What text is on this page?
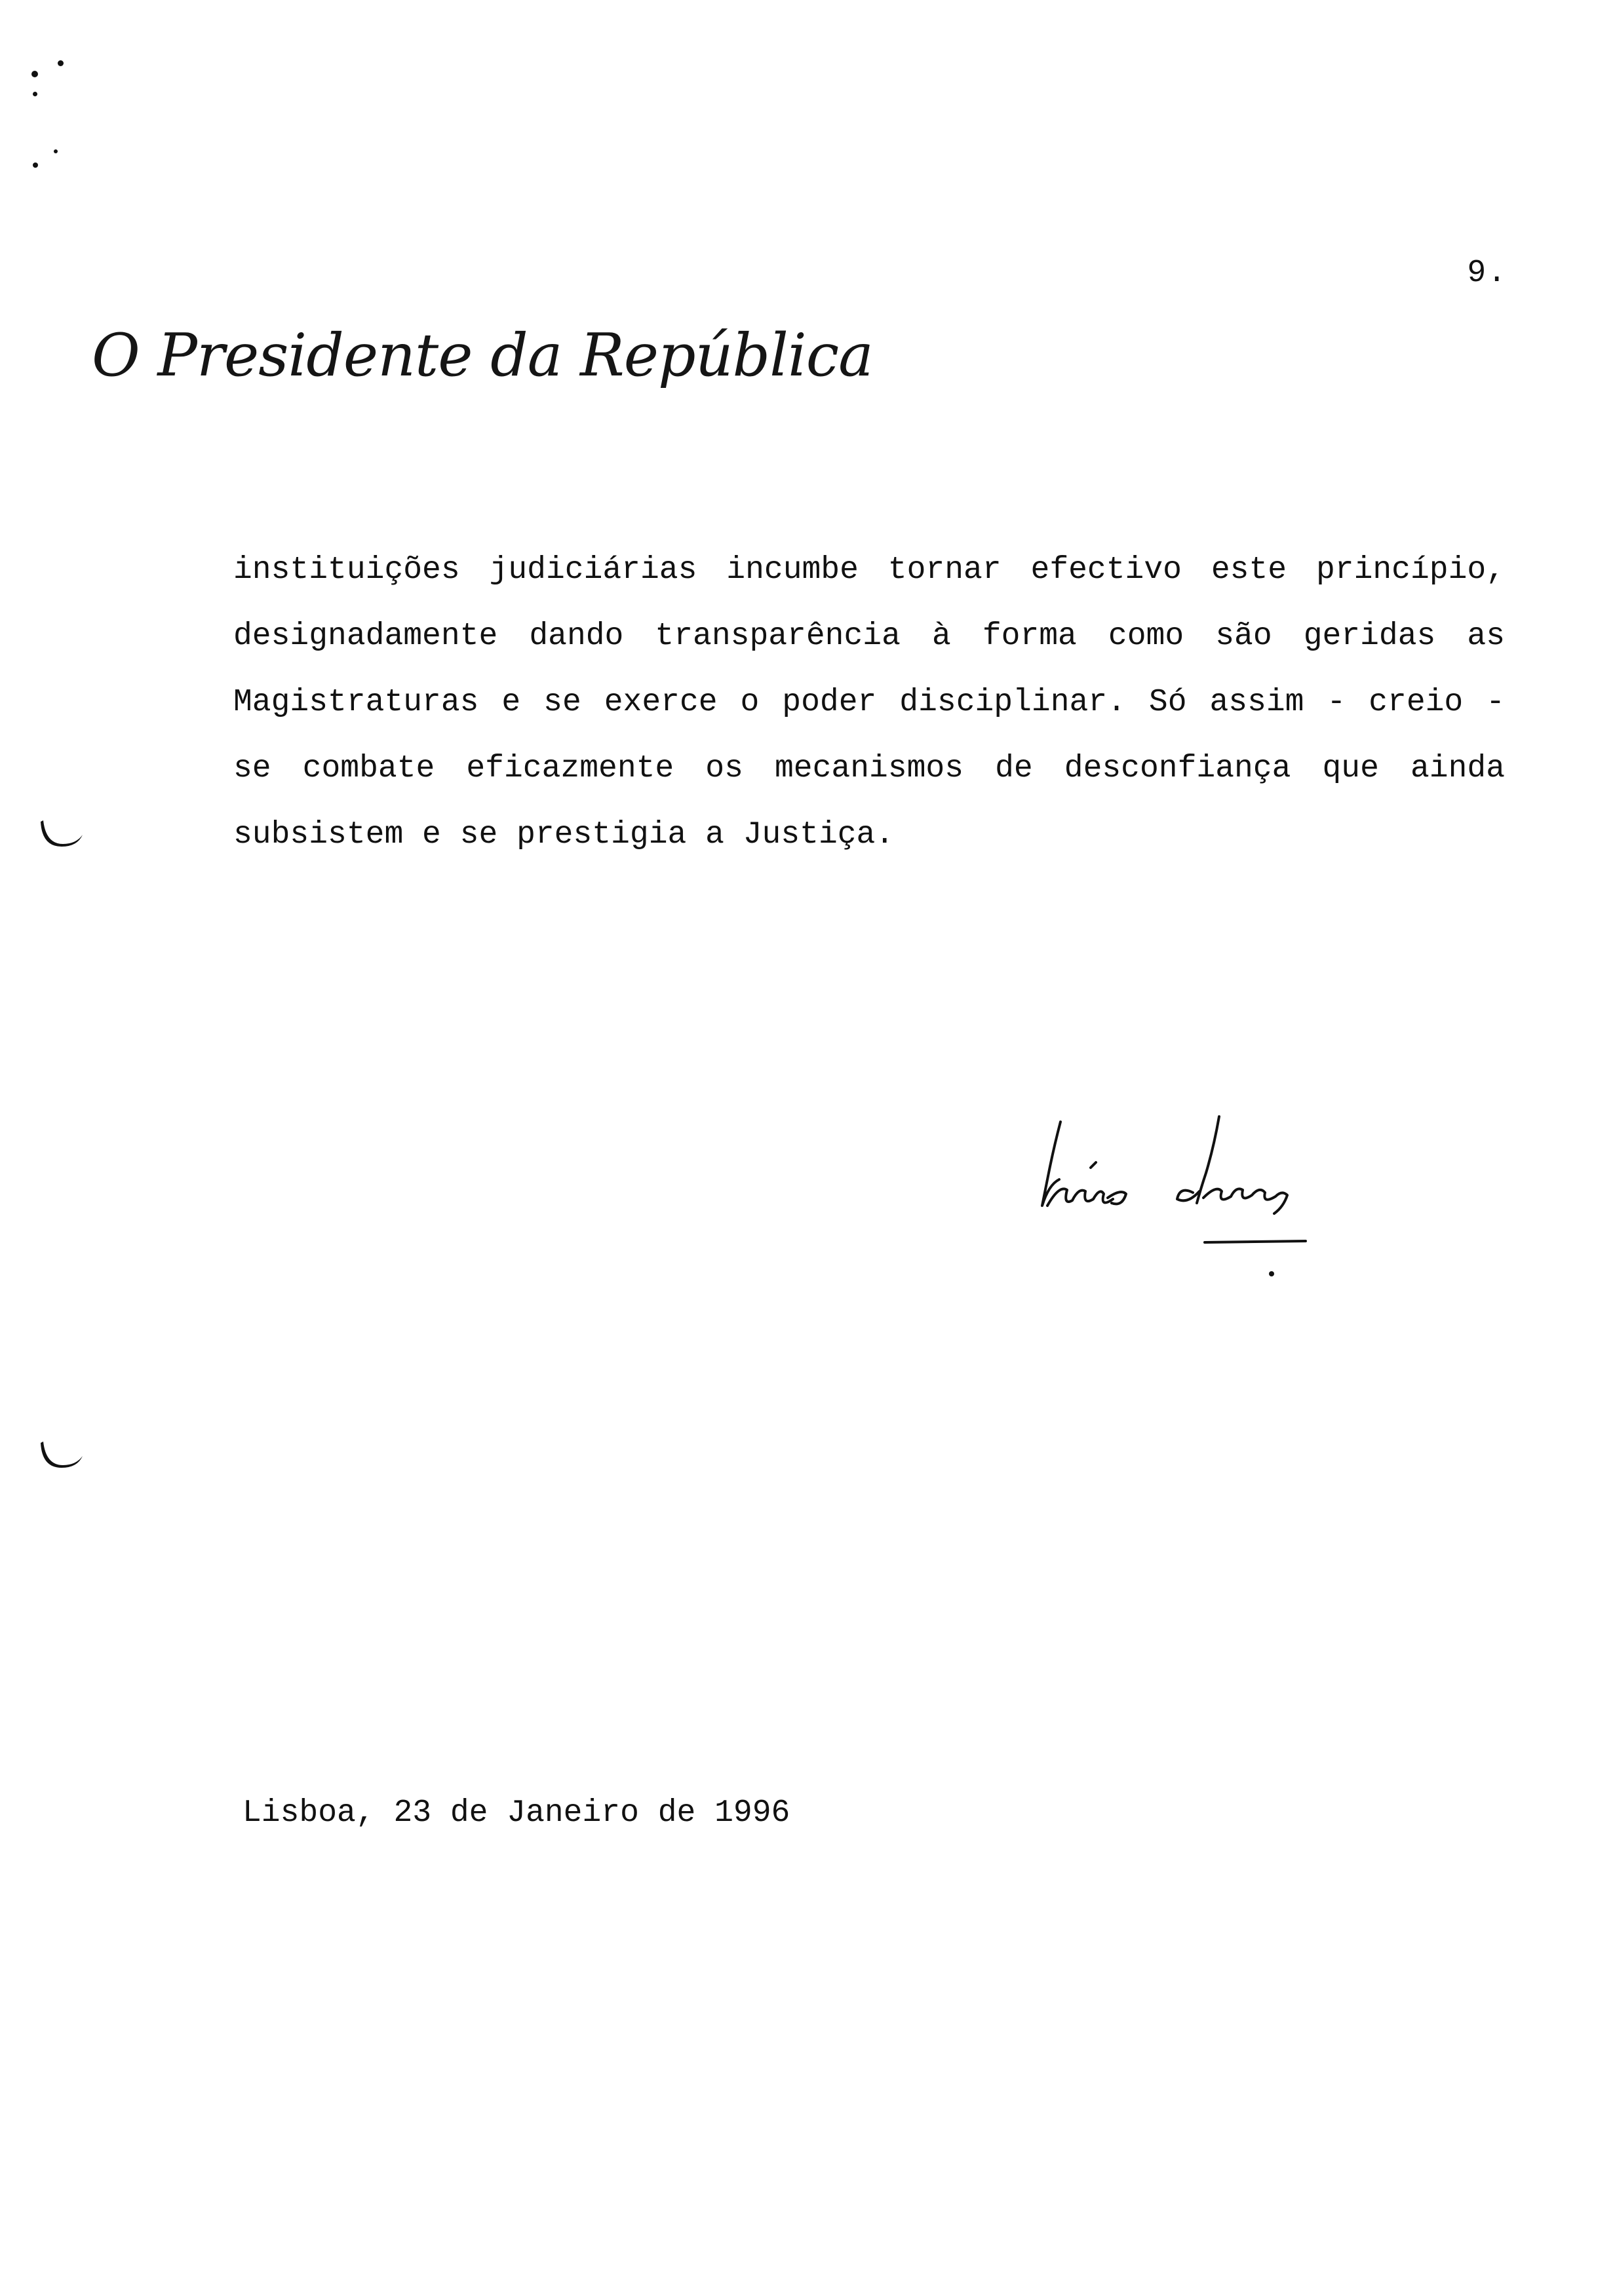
9.
O Presidente da República
instituições judiciárias incumbe tornar efectivo este princípio,
designadamente dando transparência à forma como são geridas as
Magistraturas e se exerce o poder disciplinar. Só assim - creio -
se combate eficazmente os mecanismos de desconfiança que ainda
subsistem e se prestigia a Justiça.
Lisboa, 23 de Janeiro de 1996
